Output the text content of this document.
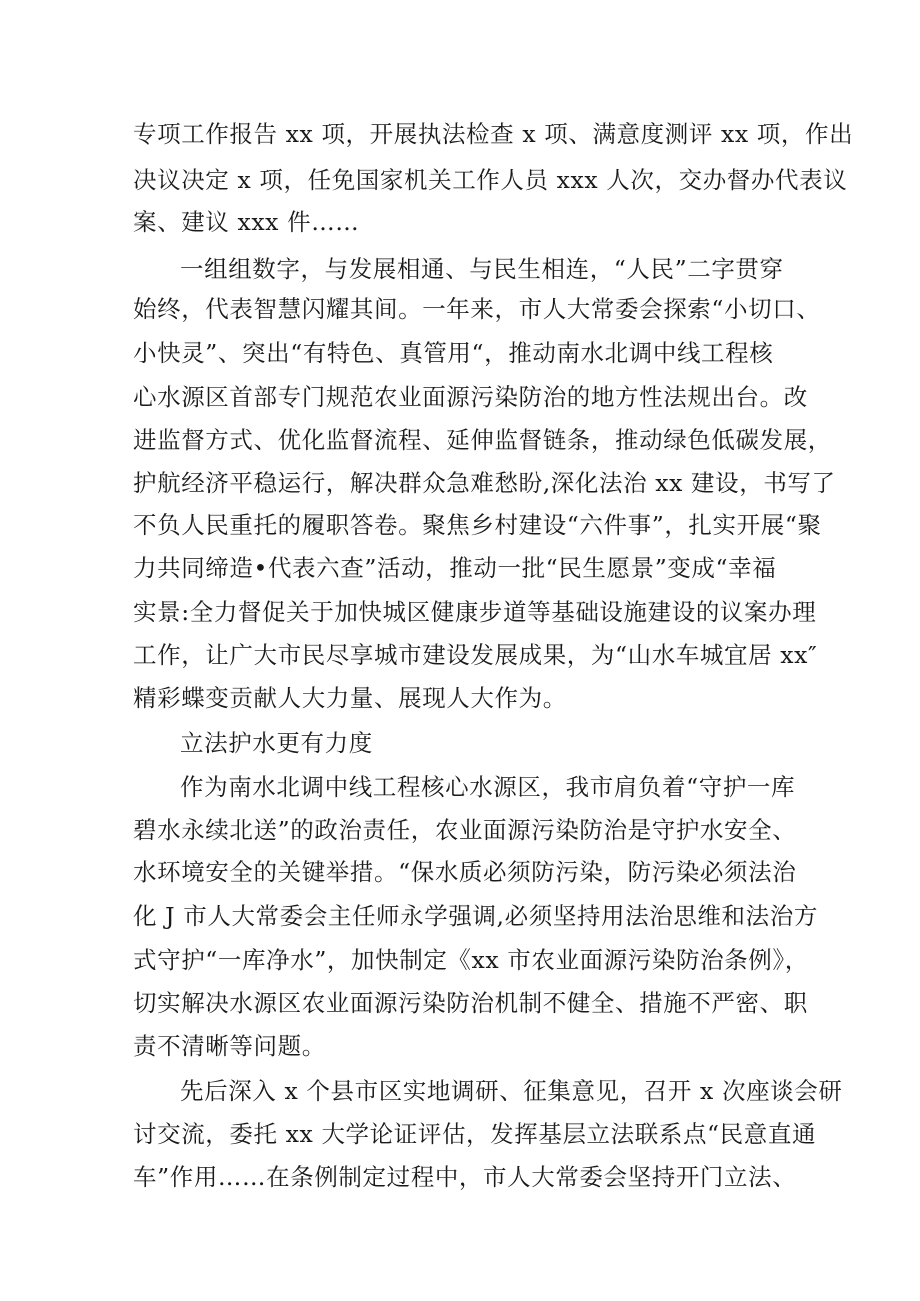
专项工作报告 xx 项，开展执法检查 x 项、满意度测评 xx 项，作出
决议决定 x 项，任免国家机关工作人员 xxx 人次，交办督办代表议
案、建议 xxx 件……
一组组数字，与发展相通、与民生相连，“人民”二字贯穿
始终，代表智慧闪耀其间。一年来，市人大常委会探索“小切口、
小快灵”、突出“有特色、真管用“，推动南水北调中线工程核
心水源区首部专门规范农业面源污染防治的地方性法规出台。改
进监督方式、优化监督流程、延伸监督链条，推动绿色低碳发展，
护航经济平稳运行，解决群众急难愁盼,深化法治 xx 建设，书写了
不负人民重托的履职答卷。聚焦乡村建设“六件事”，扎实开展“聚
力共同缔造•代表六查”活动，推动一批“民生愿景”变成“幸福
实景:全力督促关于加快城区健康步道等基础设施建设的议案办理
工作，让广大市民尽享城市建设发展成果，为“山水车城宜居 xx″
精彩蝶变贡献人大力量、展现人大作为。
立法护水更有力度
作为南水北调中线工程核心水源区，我市肩负着“守护一库
碧水永续北送”的政治责任，农业面源污染防治是守护水安全、
水环境安全的关键举措。“保水质必须防污染，防污染必须法治
化 J 市人大常委会主任师永学强调,必须坚持用法治思维和法治方
式守护“一库净水”，加快制定《xx 市农业面源污染防治条例》，
切实解决水源区农业面源污染防治机制不健全、措施不严密、职
责不清晰等问题。
先后深入 x 个县市区实地调研、征集意见，召开 x 次座谈会研
讨交流，委托 xx 大学论证评估，发挥基层立法联系点“民意直通
车”作用……在条例制定过程中，市人大常委会坚持开门立法、
